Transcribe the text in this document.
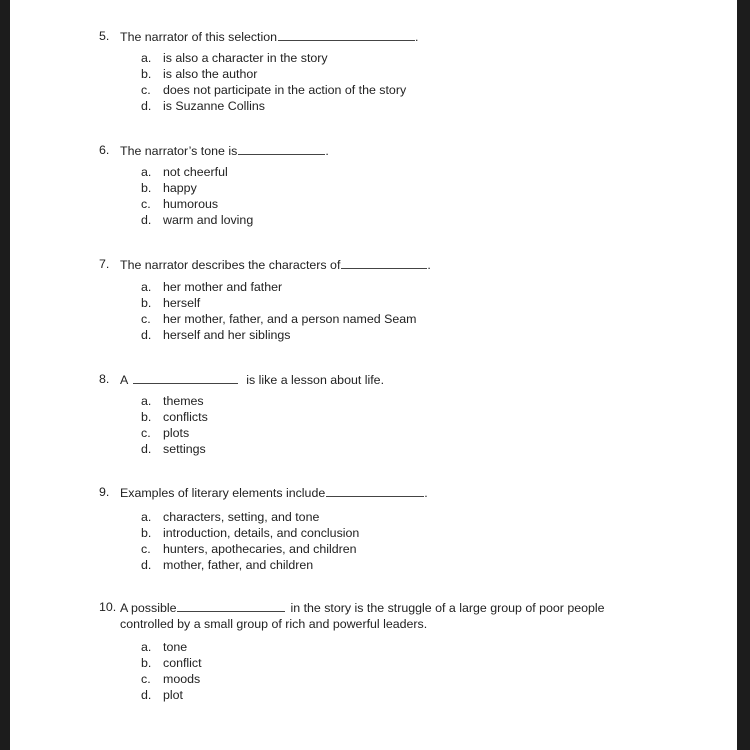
5. The narrator of this selection	.
a. is also a character in the story
b. is also the author
c. does not participate in the action of the story
d. is Suzanne Collins
6. The narrator’s tone is	.
a. not cheerful
b. happy
c. humorous
d. warm and loving
7. The narrator describes the characters of	.
a. her mother and father
b. herself
c. her mother, father, and a person named Seam
d. herself and her siblings
8. A	is like a lesson about life.
a. themes
b. conflicts
c. plots
d. settings
9. Examples of literary elements include	.
a. characters, setting, and tone
b. introduction, details, and conclusion
c. hunters, apothecaries, and children
d. mother, father, and children
10. A possible	in the story is the struggle of a large group of poor people
controlled by a small group of rich and powerful leaders.
a. tone
b. conflict
c. moods
d. plot
